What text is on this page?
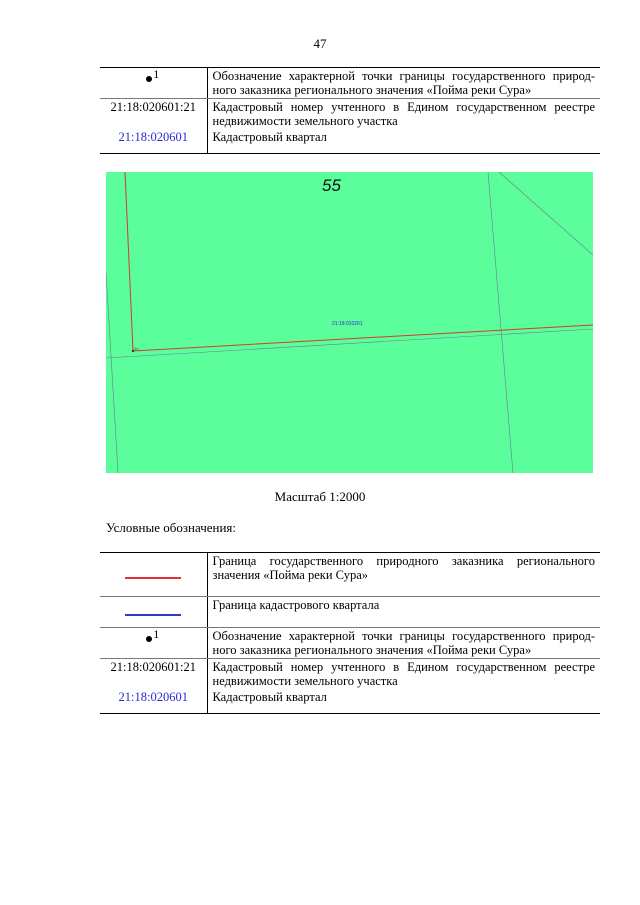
47
1	Обозначение характерной точки границы государственного природ-ного заказника регионального значения «Пойма реки Сура»
21:18:020601:21	Кадастровый номер учтенного в Едином государственном реестре недвижимости земельного участка
21:18:020601	Кадастровый квартал
55
21:18:010201
1л
Масштаб 1:2000
Условные обозначения:
	Граница государственного природного заказника регионального значения «Пойма реки Сура»
	Граница кадастрового квартала

1	Обозначение характерной точки границы государственного природ-ного заказника регионального значения «Пойма реки Сура»
21:18:020601:21	Кадастровый номер учтенного в Едином государственном реестре недвижимости земельного участка
21:18:020601	Кадастровый квартал
